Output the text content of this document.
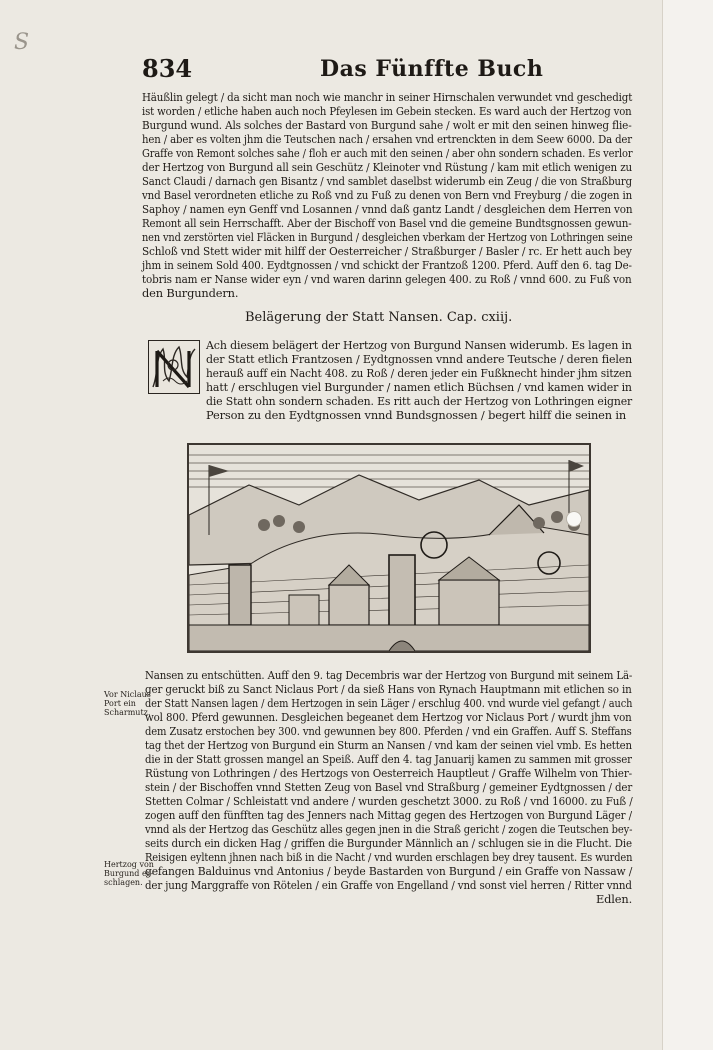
S
834	Das Fünffte Buch
Häußlin gelegt / da sicht man noch wie manchr in seiner Hirnschalen verwundet vnd geschedigt
ist worden / etliche haben auch noch Pfeylesen im Gebein stecken. Es ward auch der Hertzog von
Burgund wund. Als solches der Bastard von Burgund sahe / wolt er mit den seinen hinweg flie-
hen / aber es volten jhm die Teutschen nach / ersahen vnd ertrenckten in dem Seew 6000. Da der
Graffe von Remont solches sahe / floh er auch mit den seinen / aber ohn sondern schaden. Es verlor
der Hertzog von Burgund all sein Geschütz / Kleinoter vnd Rüstung / kam mit etlich wenigen zu
Sanct Claudi / darnach gen Bisantz / vnd samblet daselbst widerumb ein Zeug / die von Straßburg
vnd Basel verordneten etliche zu Roß vnd zu Fuß zu denen von Bern vnd Freyburg / die zogen in
Saphoy / namen eyn Genff vnd Losannen / vnnd daß gantz Landt / desgleichen dem Herren von
Remont all sein Herrschafft. Aber der Bischoff von Basel vnd die gemeine Bundtsgnossen gewun-
nen vnd zerstörten viel Fläcken in Burgund / desgleichen vberkam der Hertzog von Lothringen seine
Schloß vnd Stett wider mit hilff der Oesterreicher / Straßburger / Basler / rc. Er hett auch bey
jhm in seinem Sold 400. Eydtgnossen / vnd schickt der Frantzoß 1200. Pferd. Auff den 6. tag De-
tobris nam er Nanse wider eyn / vnd waren darinn gelegen 400. zu Roß / vnnd 600. zu Fuß von
den Burgundern.
Belägerung der Statt Nansen. Cap. cxiij.
Ach diesem belägert der Hertzog von Burgund Nansen widerumb. Es lagen in
der Statt etlich Frantzosen / Eydtgnossen vnnd andere Teutsche / deren fielen
herauß auff ein Nacht 408. zu Roß / deren jeder ein Fußknecht hinder jhm sitzen
hatt / erschlugen viel Burgunder / namen etlich Büchsen / vnd kamen wider in
die Statt ohn sondern schaden. Es ritt auch der Hertzog von Lothringen eigner
Person zu den Eydtgnossen vnnd Bundsgnossen / begert hilff die seinen in
Vor Niclaus
Port ein
Scharmutz.
Hertzog von
Burgund er-
schlagen.
Nansen zu entschütten. Auff den 9. tag Decembris war der Hertzog von Burgund mit seinem Lä-
ger geruckt biß zu Sanct Niclaus Port / da sieß Hans von Rynach Hauptmann mit etlichen so in
der Statt Nansen lagen / dem Hertzogen in sein Läger / erschlug 400. vnd wurde viel gefangt / auch
wol 800. Pferd gewunnen. Desgleichen begeanet dem Hertzog vor Niclaus Port / wurdt jhm von
dem Zusatz erstochen bey 300. vnd gewunnen bey 800. Pferden / vnd ein Graffen. Auff S. Steffans
tag thet der Hertzog von Burgund ein Sturm an Nansen / vnd kam der seinen viel vmb. Es hetten
die in der Statt grossen mangel an Speiß. Auff den 4. tag Januarij kamen zu sammen mit grosser
Rüstung von Lothringen / des Hertzogs von Oesterreich Hauptleut / Graffe Wilhelm von Thier-
stein / der Bischoffen vnnd Stetten Zeug von Basel vnd Straßburg / gemeiner Eydtgnossen / der
Stetten Colmar / Schleistatt vnd andere / wurden geschetzt 3000. zu Roß / vnd 16000. zu Fuß /
zogen auff den fünfften tag des Jenners nach Mittag gegen des Hertzogen von Burgund Läger /
vnnd als der Hertzog das Geschütz alles gegen jnen in die Straß gericht / zogen die Teutschen bey-
seits durch ein dicken Hag / griffen die Burgunder Männlich an / schlugen sie in die Flucht. Die
Reisigen eyltenn jhnen nach biß in die Nacht / vnd wurden erschlagen bey drey tausent. Es wurden
gefangen Balduinus vnd Antonius / beyde Bastarden von Burgund / ein Graffe von Nassaw /
der jung Marggraffe von Rötelen / ein Graffe von Engelland / vnd sonst viel herren / Ritter vnnd
Edlen.
